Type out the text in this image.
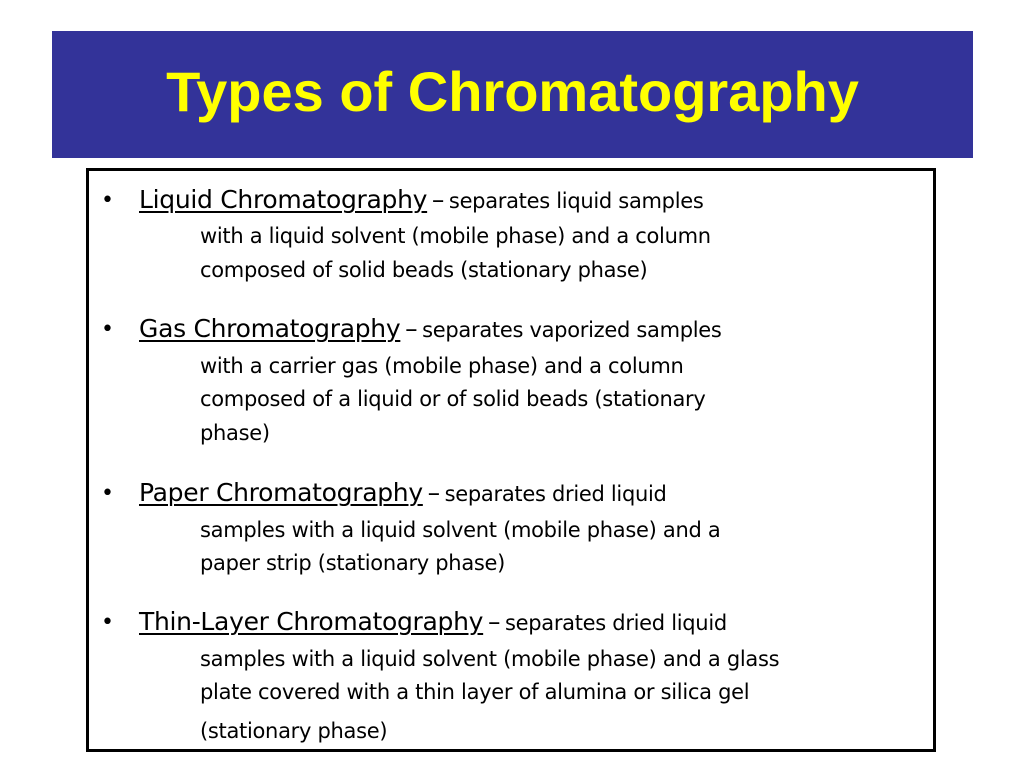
Types of Chromatography
• Liquid Chromatography – separates liquid samples
with a liquid solvent (mobile phase) and a column
composed of solid beads (stationary phase)
• Gas Chromatography – separates vaporized samples
with a carrier gas (mobile phase) and a column
composed of a liquid or of solid beads (stationary
phase)
• Paper Chromatography – separates dried liquid
samples with a liquid solvent (mobile phase) and a
paper strip (stationary phase)
• Thin-Layer Chromatography – separates dried liquid
samples with a liquid solvent (mobile phase) and a glass
plate covered with a thin layer of alumina or silica gel
(stationary phase)
